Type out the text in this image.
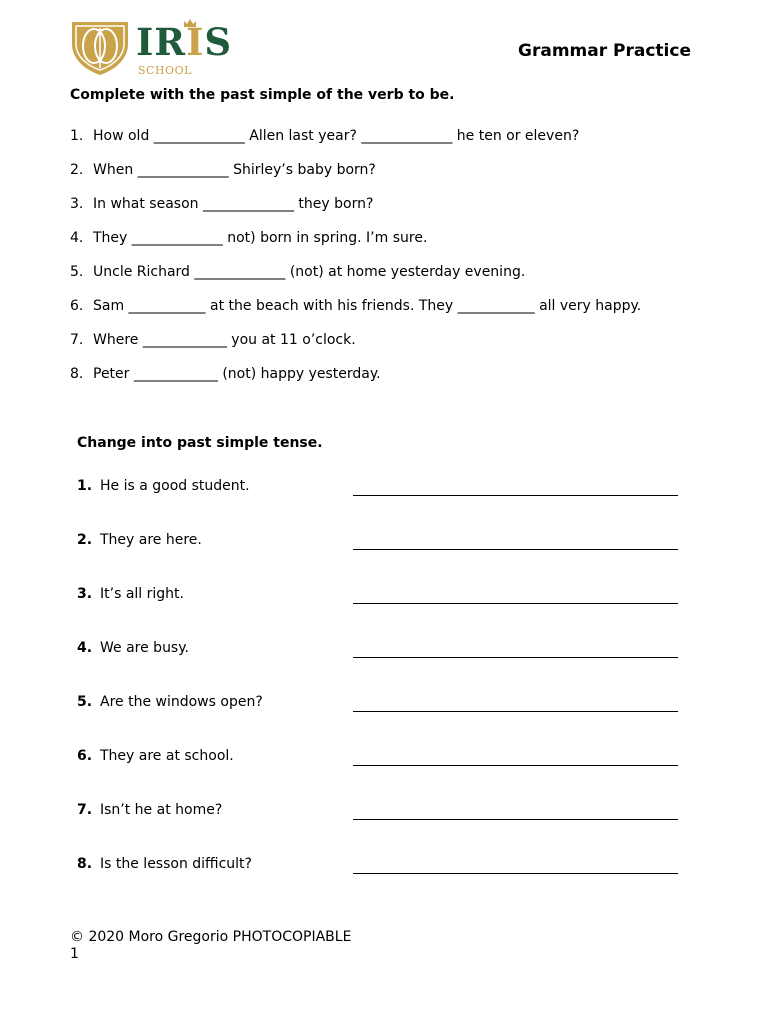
IRIS
SCHOOL
Grammar Practice
Complete with the past simple of the verb to be.
1. How old _____________ Allen last year? _____________ he ten or eleven?
2. When _____________ Shirley’s baby born?
3. In what season _____________ they born?
4. They _____________ not) born in spring. I’m sure.
5. Uncle Richard _____________ (not) at home yesterday evening.
6. Sam ___________ at the beach with his friends. They ___________ all very happy.
7. Where ____________ you at 11 o’clock.
8. Peter ____________ (not) happy yesterday.
Change into past simple tense.
1. He is a good student.
2. They are here.
3. It’s all right.
4. We are busy.
5. Are the windows open?
6. They are at school.
7. Isn’t he at home?
8. Is the lesson difficult?
© 2020 Moro Gregorio PHOTOCOPIABLE
1
